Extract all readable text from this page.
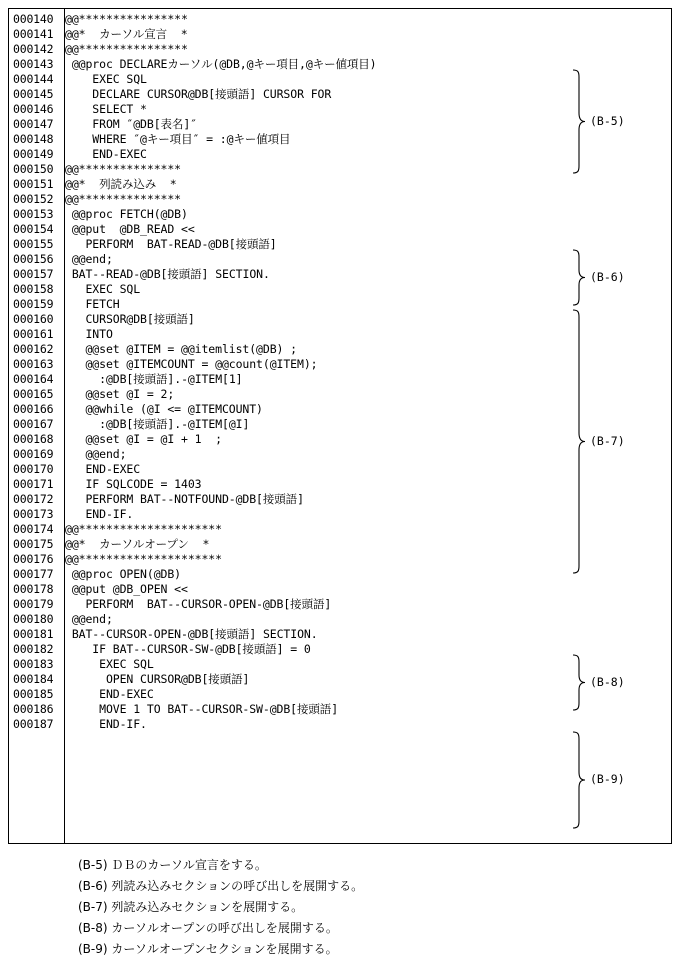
000140 @@****************
000141 @@*  カーソル宣言  *
000142 @@****************
000143 @@proc DECLAREカーソル(@DB,@キー項目,@キー値項目)
000144    EXEC SQL
000145    DECLARE CURSOR@DB[接頭語] CURSOR FOR
000146    SELECT *
000147    FROM ″@DB[表名]″
000148    WHERE ″@キー項目″ = :@キー値項目
000149    END-EXEC
000150 @@***************
000151 @@*  列読み込み  *
000152 @@***************
000153 @@proc FETCH(@DB)
000154 @@put  @DB_READ <<
000155   PERFORM  BAT-READ-@DB[接頭語]
000156 @@end;
000157 BAT--READ-@DB[接頭語] SECTION.
000158   EXEC SQL
000159   FETCH
000160   CURSOR@DB[接頭語]
000161   INTO
000162   @@set @ITEM = @@itemlist(@DB) ;
000163   @@set @ITEMCOUNT = @@count(@ITEM);
000164     :@DB[接頭語].-@ITEM[1]
000165   @@set @I = 2;
000166   @@while (@I <= @ITEMCOUNT)
000167     :@DB[接頭語].-@ITEM[@I]
000168   @@set @I = @I + 1  ;
000169   @@end;
000170   END-EXEC
000171   IF SQLCODE = 1403
000172   PERFORM BAT--NOTFOUND-@DB[接頭語]
000173   END-IF.
000174 @@*********************
000175 @@*  カーソルオープン  *
000176 @@*********************
000177 @@proc OPEN(@DB)
000178 @@put @DB_OPEN <<
000179   PERFORM  BAT--CURSOR-OPEN-@DB[接頭語]
000180 @@end;
000181 BAT--CURSOR-OPEN-@DB[接頭語] SECTION.
000182    IF BAT--CURSOR-SW-@DB[接頭語] = 0
000183     EXEC SQL
000184      OPEN CURSOR@DB[接頭語]
000185     END-EXEC
000186     MOVE 1 TO BAT--CURSOR-SW-@DB[接頭語]
000187     END-IF.
(B-5)
(B-6)
(B-7)
(B-8)
(B-9)
(B-5) ＤＢのカーソル宣言をする。
(B-6) 列読み込みセクションの呼び出しを展開する。
(B-7) 列読み込みセクションを展開する。
(B-8) カーソルオープンの呼び出しを展開する。
(B-9) カーソルオープンセクションを展開する。
